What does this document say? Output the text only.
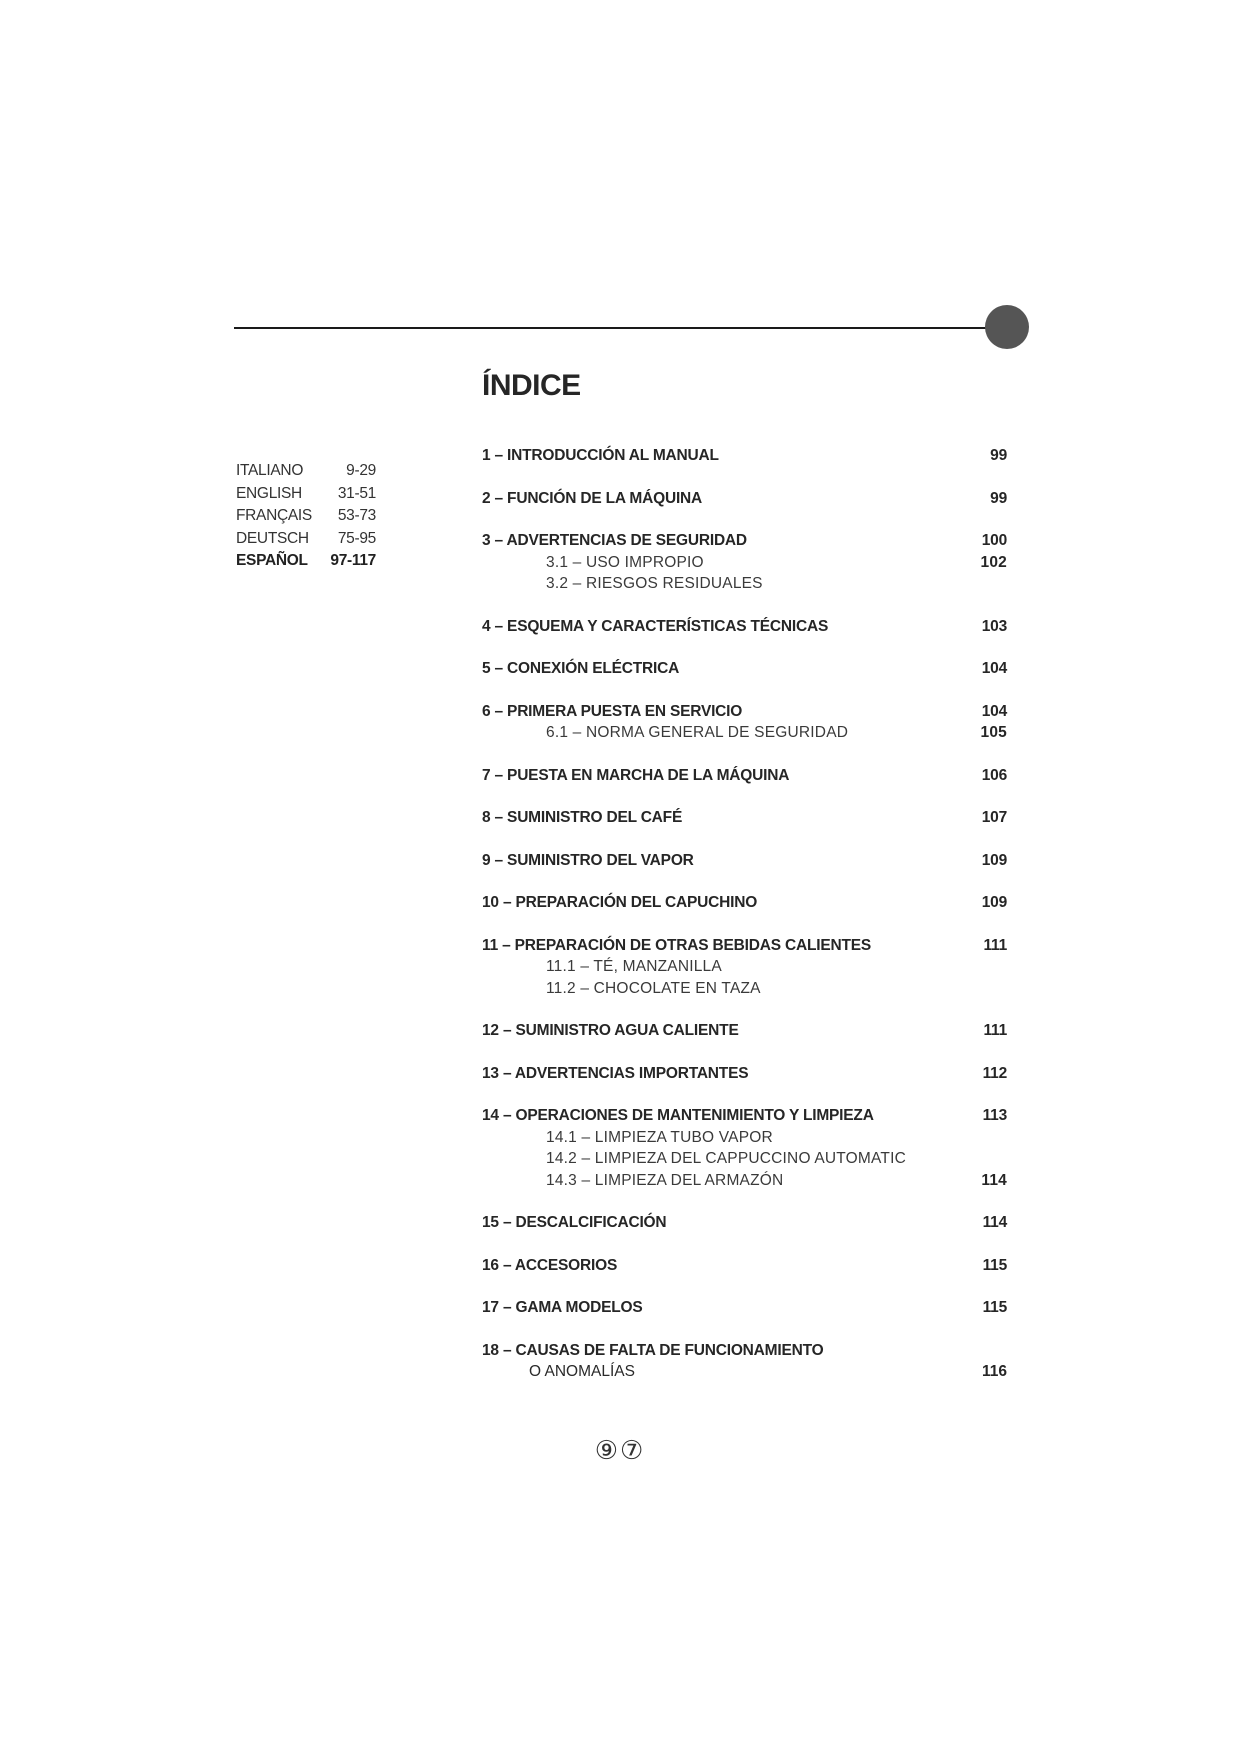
ÍNDICE
ITALIANO	9-29
ENGLISH 31-51
FRANÇAIS 53-73
DEUTSCH 75-95
ESPAÑOL 97-117
1 – INTRODUCCIÓN AL MANUAL	99
2 – FUNCIÓN DE LA MÁQUINA	99
3 – ADVERTENCIAS DE SEGURIDAD	100
3.1 – USO IMPROPIO	102
3.2 – RIESGOS RESIDUALES
4 – ESQUEMA Y CARACTERÍSTICAS TÉCNICAS	103
5 – CONEXIÓN ELÉCTRICA	104
6 – PRIMERA PUESTA EN SERVICIO	104
6.1 – NORMA GENERAL DE SEGURIDAD	105
7 – PUESTA EN MARCHA DE LA MÁQUINA	106
8 – SUMINISTRO DEL CAFÉ	107
9 – SUMINISTRO DEL VAPOR	109
10 – PREPARACIÓN DEL CAPUCHINO	109
11 – PREPARACIÓN DE OTRAS BEBIDAS CALIENTES	111
11.1 – TÉ, MANZANILLA
11.2 – CHOCOLATE EN TAZA
12 – SUMINISTRO AGUA CALIENTE	111
13 – ADVERTENCIAS IMPORTANTES	112
14 – OPERACIONES DE MANTENIMIENTO Y LIMPIEZA	113
14.1 – LIMPIEZA TUBO VAPOR
14.2 – LIMPIEZA DEL CAPPUCCINO AUTOMATIC
14.3 – LIMPIEZA DEL ARMAZÓN	114
15 – DESCALCIFICACIÓN	114
16 – ACCESORIOS	115
17 – GAMA MODELOS	115
18 – CAUSAS DE FALTA DE FUNCIONAMIENTO
O ANOMALÍAS	116
⑨⑦
